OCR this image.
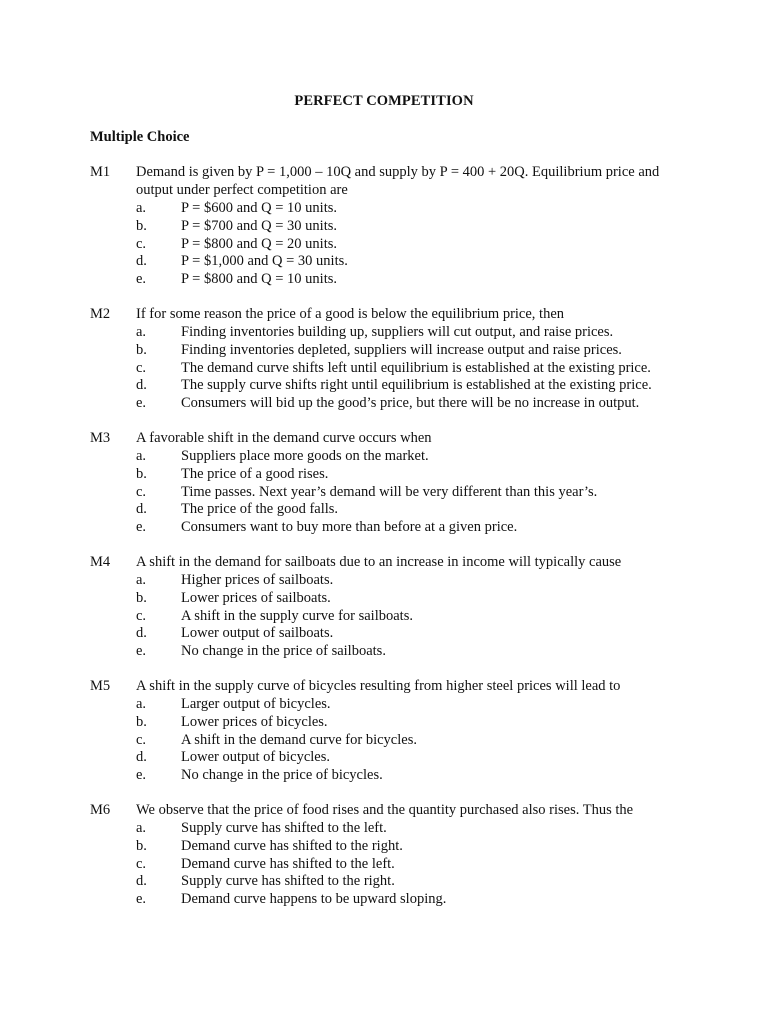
PERFECT COMPETITION
Multiple Choice
M1 Demand is given by P = 1,000 – 10Q and supply by P = 400 + 20Q. Equilibrium price and output under perfect competition are
a. P = $600 and Q = 10 units.
b. P = $700 and Q = 30 units.
c. P = $800 and Q = 20 units.
d. P = $1,000 and Q = 30 units.
e. P = $800 and Q = 10 units.
M2 If for some reason the price of a good is below the equilibrium price, then
a. Finding inventories building up, suppliers will cut output, and raise prices.
b. Finding inventories depleted, suppliers will increase output and raise prices.
c. The demand curve shifts left until equilibrium is established at the existing price.
d. The supply curve shifts right until equilibrium is established at the existing price.
e. Consumers will bid up the good’s price, but there will be no increase in output.
M3 A favorable shift in the demand curve occurs when
a. Suppliers place more goods on the market.
b. The price of a good rises.
c. Time passes. Next year’s demand will be very different than this year’s.
d. The price of the good falls.
e. Consumers want to buy more than before at a given price.
M4 A shift in the demand for sailboats due to an increase in income will typically cause
a. Higher prices of sailboats.
b. Lower prices of sailboats.
c. A shift in the supply curve for sailboats.
d. Lower output of sailboats.
e. No change in the price of sailboats.
M5 A shift in the supply curve of bicycles resulting from higher steel prices will lead to
a. Larger output of bicycles.
b. Lower prices of bicycles.
c. A shift in the demand curve for bicycles.
d. Lower output of bicycles.
e. No change in the price of bicycles.
M6 We observe that the price of food rises and the quantity purchased also rises. Thus the
a. Supply curve has shifted to the left.
b. Demand curve has shifted to the right.
c. Demand curve has shifted to the left.
d. Supply curve has shifted to the right.
e. Demand curve happens to be upward sloping.
